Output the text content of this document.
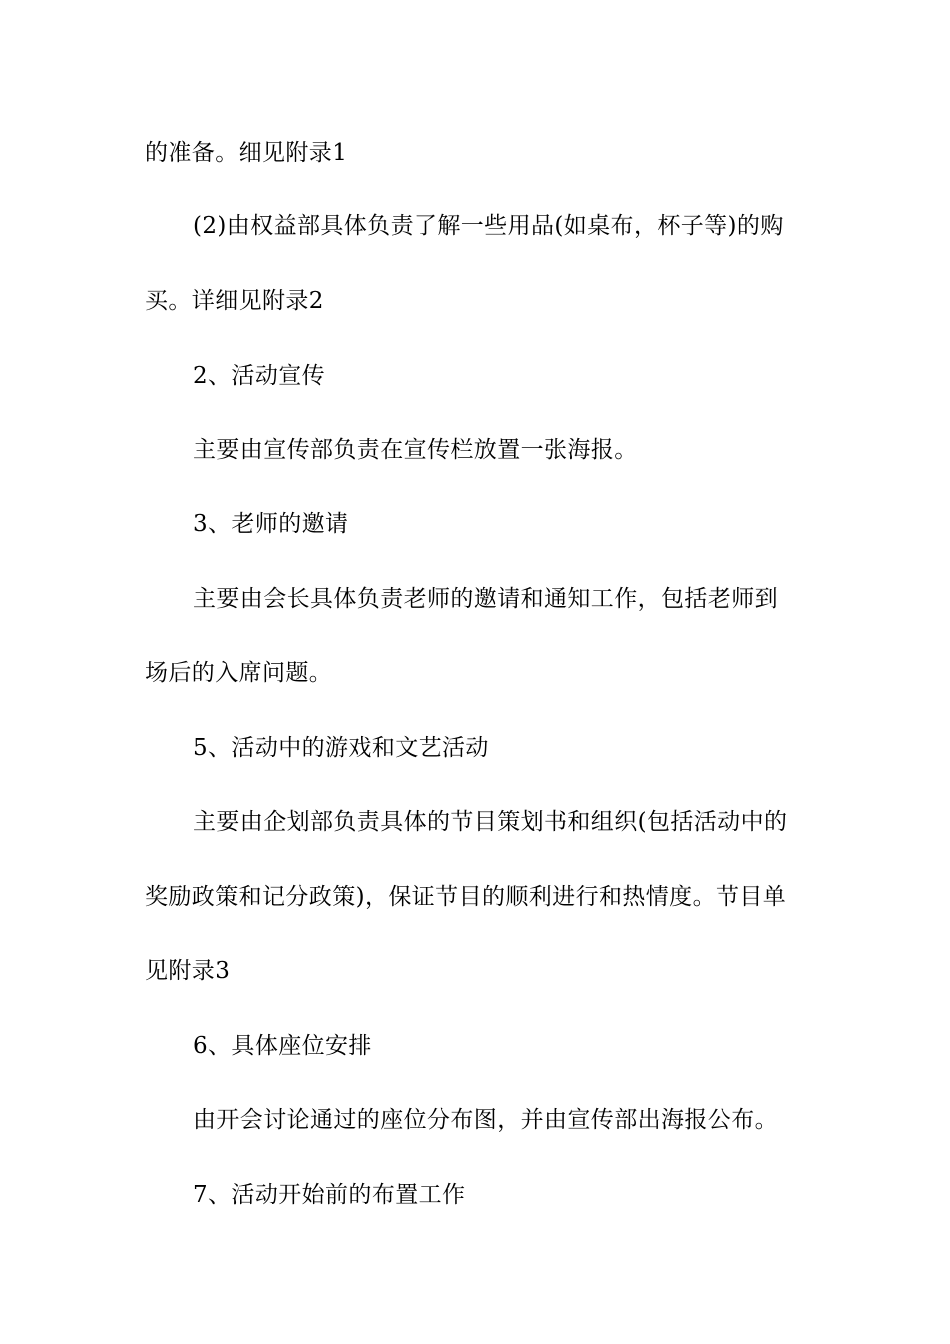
的准备。细见附录1
(2)由权益部具体负责了解一些用品(如桌布，杯子等)的购
买。详细见附录2
2、活动宣传
主要由宣传部负责在宣传栏放置一张海报。
3、老师的邀请
主要由会长具体负责老师的邀请和通知工作，包括老师到
场后的入席问题。
5、活动中的游戏和文艺活动
主要由企划部负责具体的节目策划书和组织(包括活动中的
奖励政策和记分政策)，保证节目的顺利进行和热情度。节目单
见附录3
6、具体座位安排
由开会讨论通过的座位分布图，并由宣传部出海报公布。
7、活动开始前的布置工作
